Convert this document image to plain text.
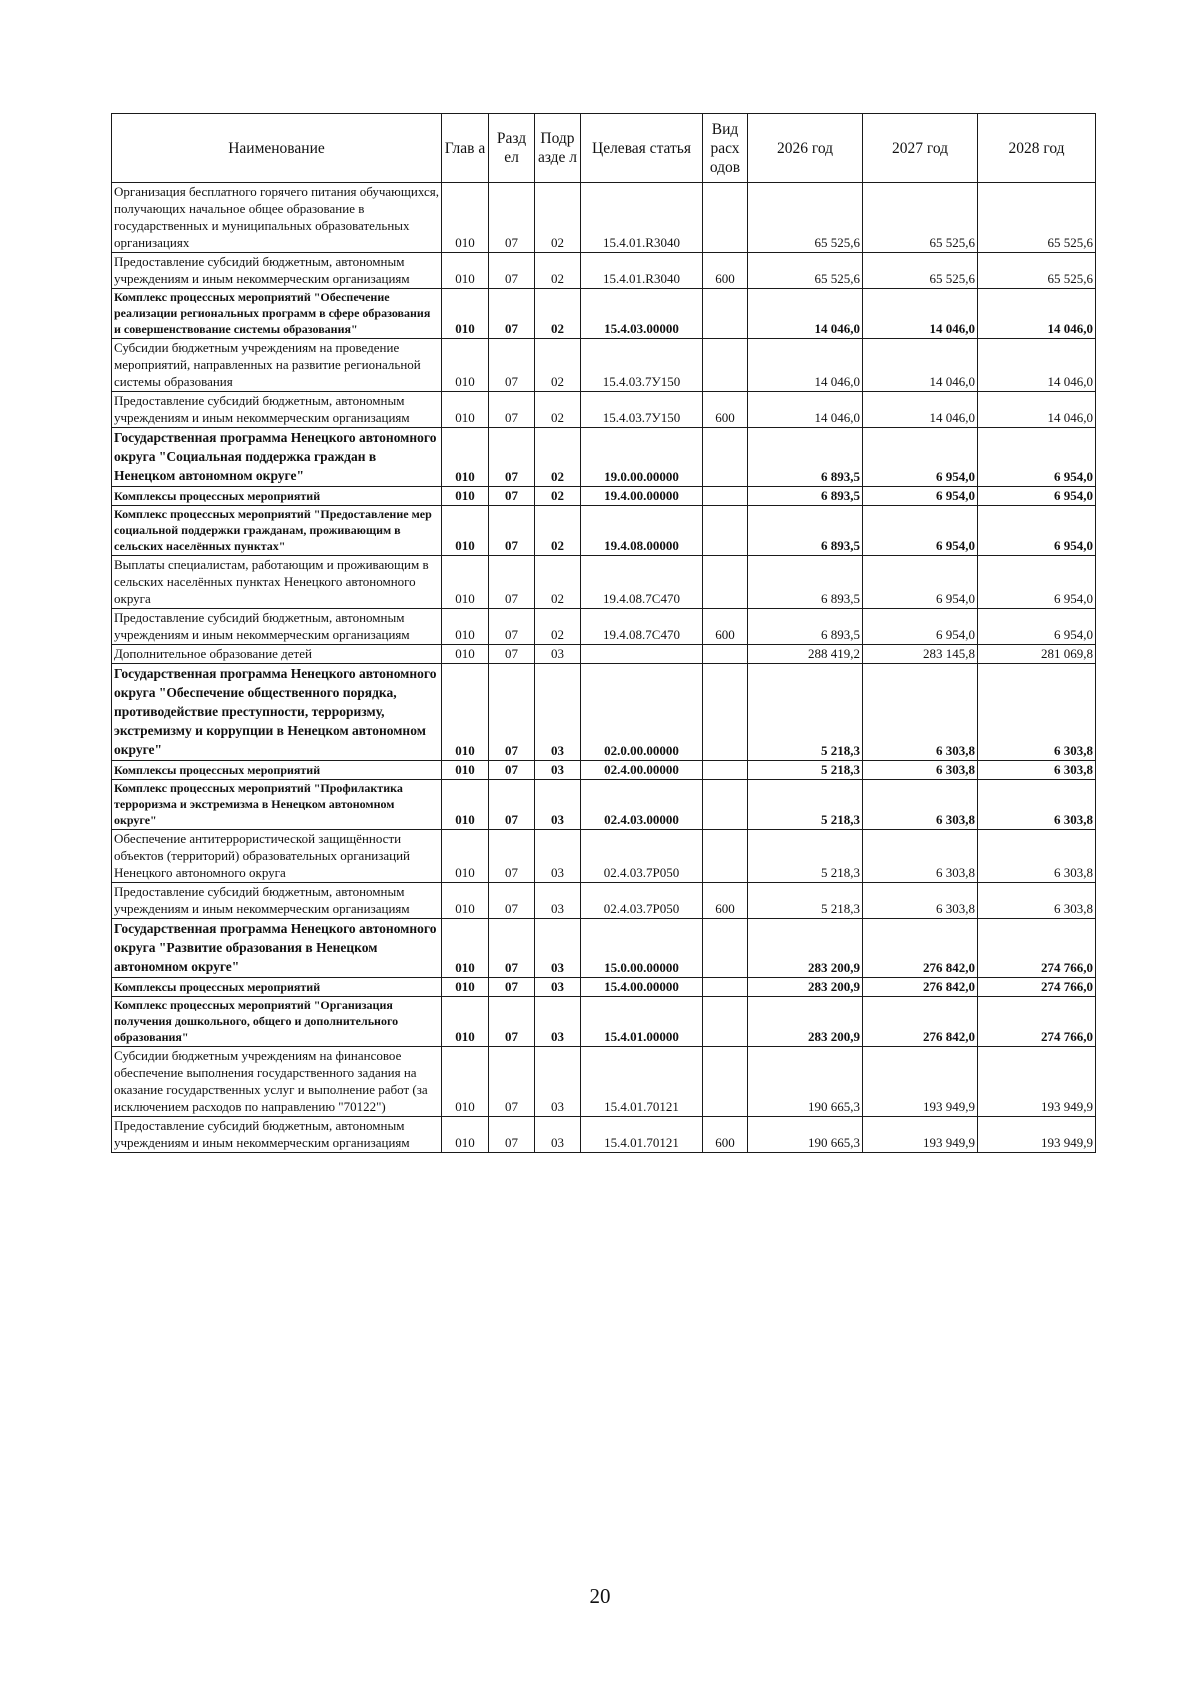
Наименование	Глав а	Разд ел	Подр азде л	Целевая статья	Вид расх одов	2026 год	2027 год	2028 год
Организация бесплатного горячего питания обучающихся, получающих начальное общее образование в государственных и муниципальных образовательных организациях	010	07	02	15.4.01.R3040		65 525,6	65 525,6	65 525,6
Предоставление субсидий бюджетным, автономным учреждениям и иным некоммерческим организациям	010	07	02	15.4.01.R3040	600	65 525,6	65 525,6	65 525,6
Комплекс процессных мероприятий "Обеспечение реализации региональных программ в сфере образования и совершенствование системы образования"	010	07	02	15.4.03.00000		14 046,0	14 046,0	14 046,0
Субсидии бюджетным учреждениям на проведение мероприятий, направленных на развитие региональной системы образования	010	07	02	15.4.03.7У150		14 046,0	14 046,0	14 046,0
Предоставление субсидий бюджетным, автономным учреждениям и иным некоммерческим организациям	010	07	02	15.4.03.7У150	600	14 046,0	14 046,0	14 046,0
Государственная программа Ненецкого автономного округа "Социальная поддержка граждан в Ненецком автономном округе"	010	07	02	19.0.00.00000		6 893,5	6 954,0	6 954,0
Комплексы процессных мероприятий	010	07	02	19.4.00.00000		6 893,5	6 954,0	6 954,0
Комплекс процессных мероприятий "Предоставление мер социальной поддержки гражданам, проживающим в сельских населённых пунктах"	010	07	02	19.4.08.00000		6 893,5	6 954,0	6 954,0
Выплаты специалистам, работающим и проживающим в сельских населённых пунктах Ненецкого автономного округа	010	07	02	19.4.08.7С470		6 893,5	6 954,0	6 954,0
Предоставление субсидий бюджетным, автономным учреждениям и иным некоммерческим организациям	010	07	02	19.4.08.7С470	600	6 893,5	6 954,0	6 954,0
Дополнительное образование детей	010	07	03			288 419,2	283 145,8	281 069,8
Государственная программа Ненецкого автономного округа "Обеспечение общественного порядка, противодействие преступности, терроризму, экстремизму и коррупции в Ненецком автономном округе"	010	07	03	02.0.00.00000		5 218,3	6 303,8	6 303,8
Комплексы процессных мероприятий	010	07	03	02.4.00.00000		5 218,3	6 303,8	6 303,8
Комплекс процессных мероприятий "Профилактика терроризма и экстремизма в Ненецком автономном округе"	010	07	03	02.4.03.00000		5 218,3	6 303,8	6 303,8
Обеспечение антитеррористической защищённости объектов (территорий) образовательных организаций Ненецкого автономного округа	010	07	03	02.4.03.7Р050		5 218,3	6 303,8	6 303,8
Предоставление субсидий бюджетным, автономным учреждениям и иным некоммерческим организациям	010	07	03	02.4.03.7Р050	600	5 218,3	6 303,8	6 303,8
Государственная программа Ненецкого автономного округа "Развитие образования в Ненецком автономном округе"	010	07	03	15.0.00.00000		283 200,9	276 842,0	274 766,0
Комплексы процессных мероприятий	010	07	03	15.4.00.00000		283 200,9	276 842,0	274 766,0
Комплекс процессных мероприятий "Организация получения дошкольного, общего и дополнительного образования"	010	07	03	15.4.01.00000		283 200,9	276 842,0	274 766,0
Субсидии бюджетным учреждениям на финансовое обеспечение выполнения государственного задания на оказание государственных услуг и выполнение работ (за исключением расходов по направлению "70122")	010	07	03	15.4.01.70121		190 665,3	193 949,9	193 949,9
Предоставление субсидий бюджетным, автономным учреждениям и иным некоммерческим организациям	010	07	03	15.4.01.70121	600	190 665,3	193 949,9	193 949,9
20
